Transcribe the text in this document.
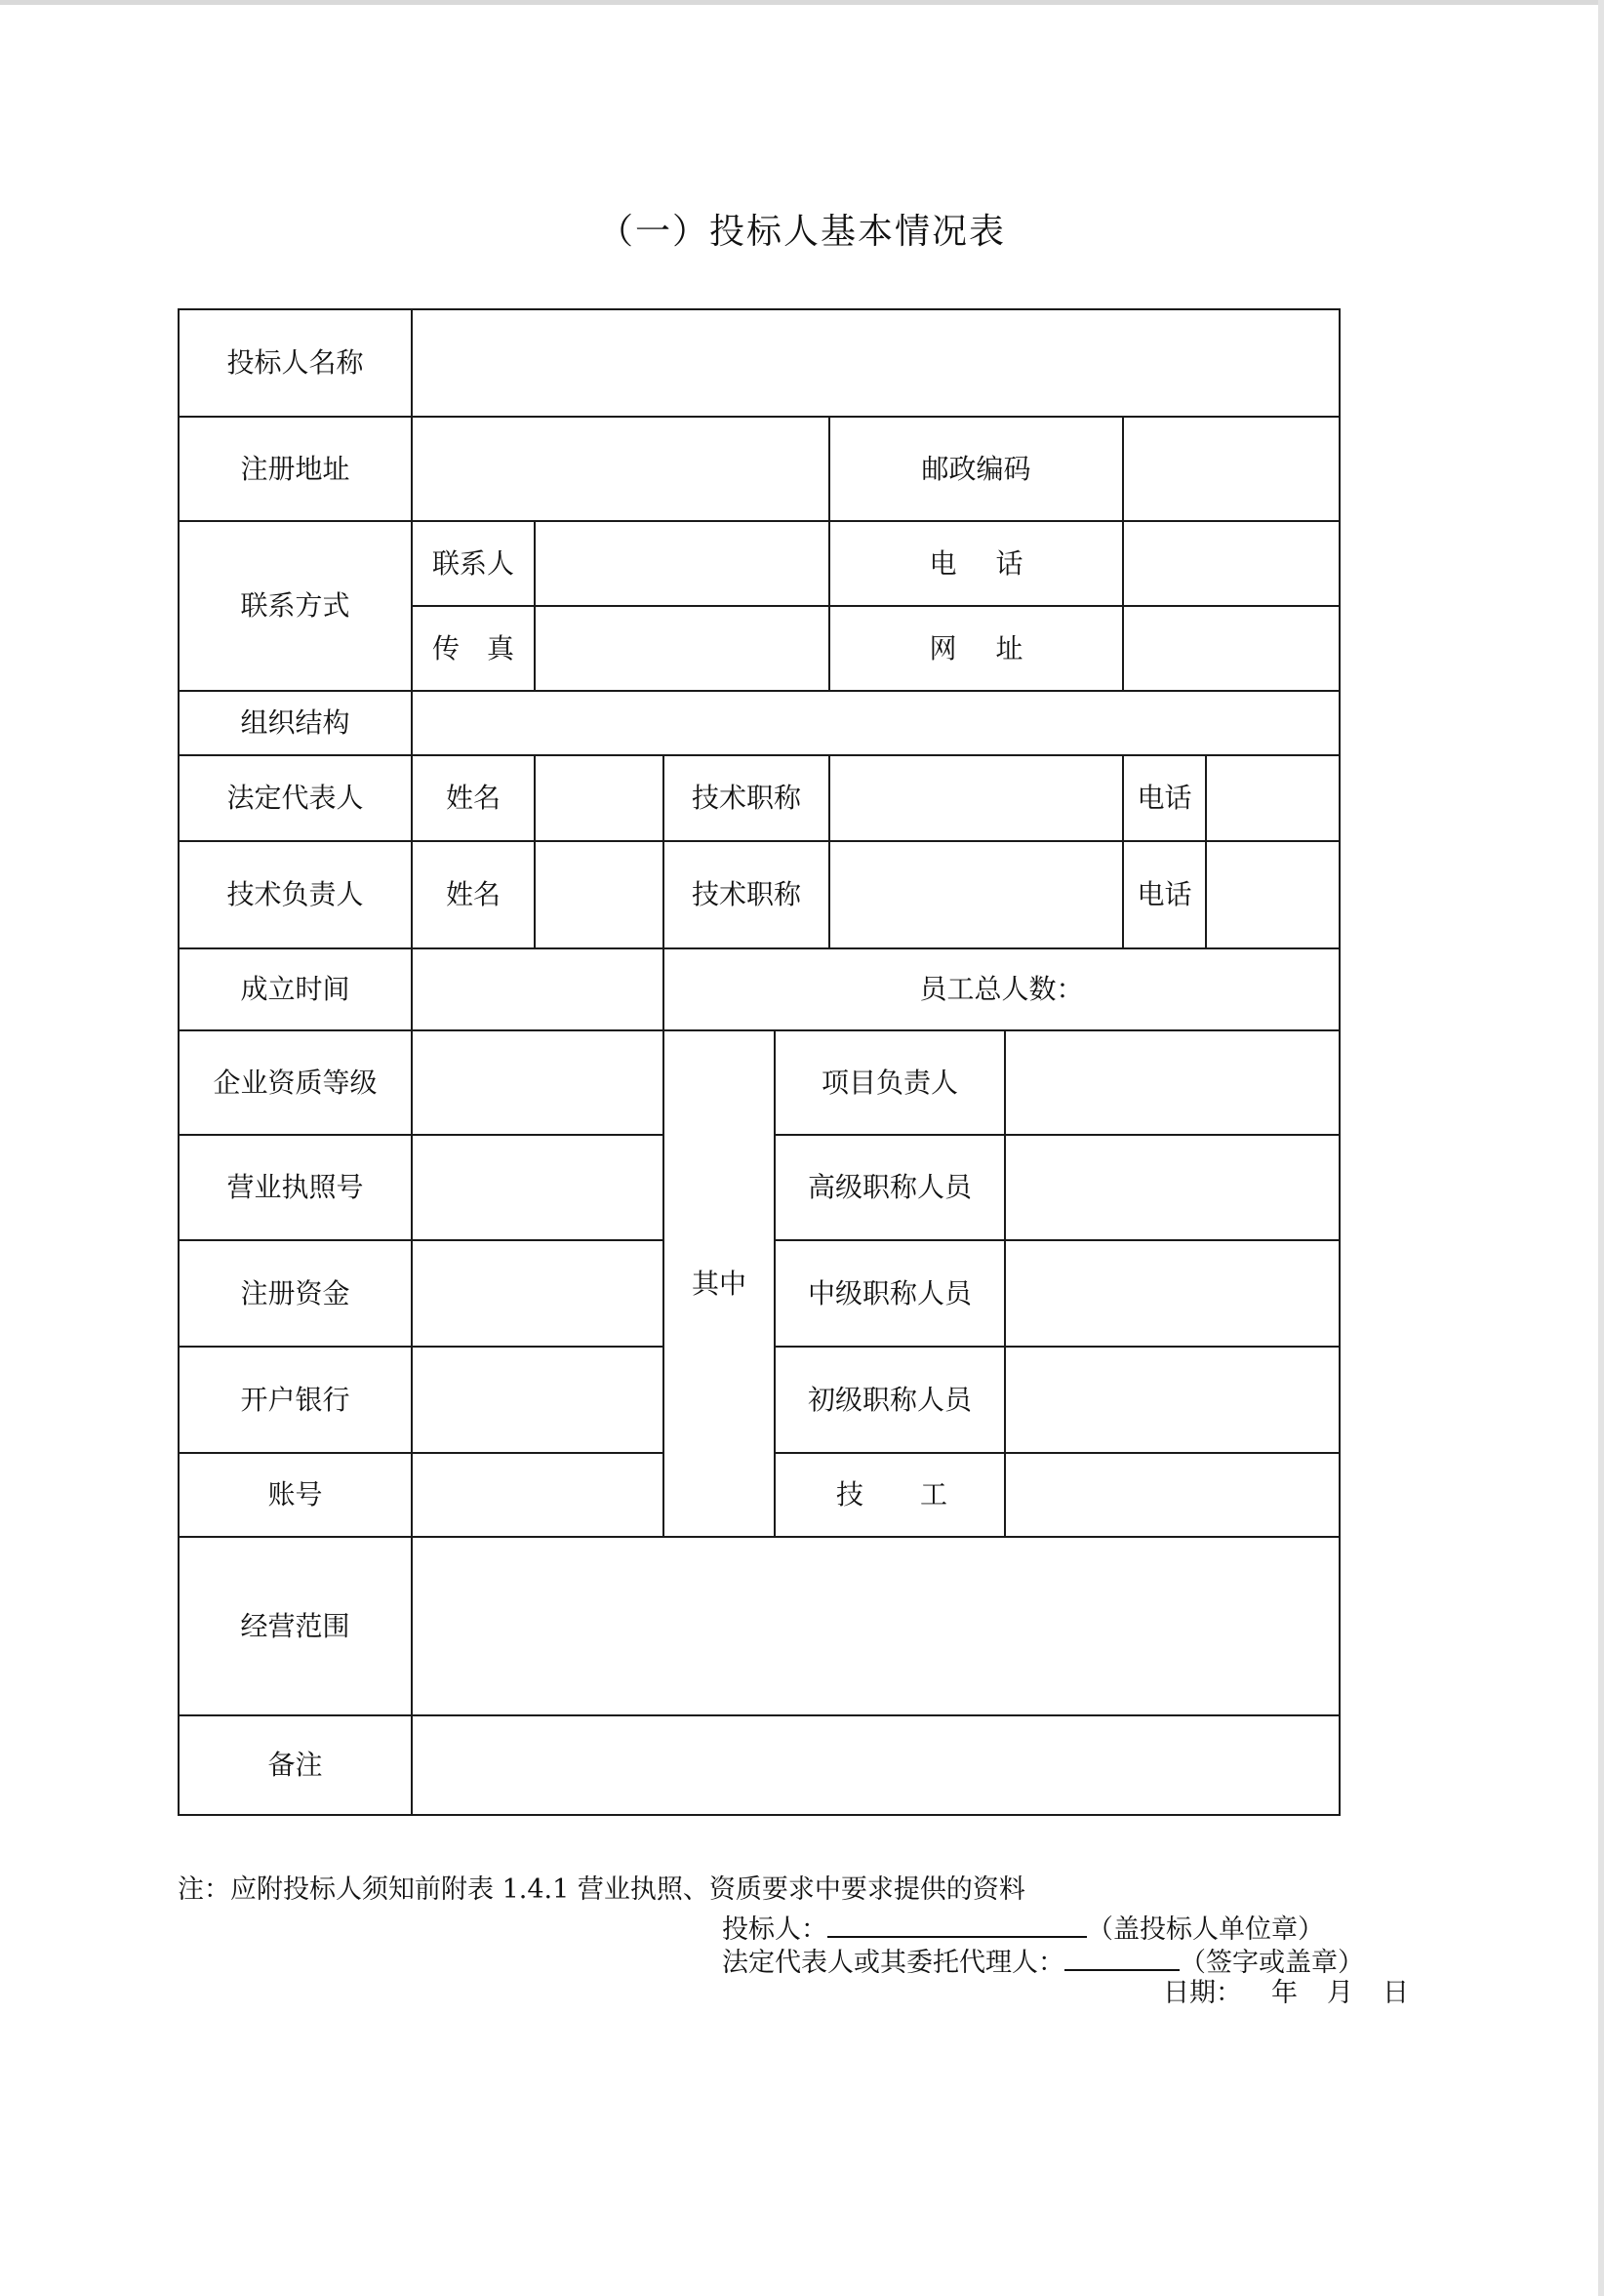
（一）投标人基本情况表
投标人名称								
注册地址					邮政编码			
联系方式	联系人				电 话			

	传 真				网 址			

组织结构								
法定代表人	姓名		技术职称				电话	
技术负责人	姓名		技术职称				电话	
成立时间			员工总人数：					
企业资质等级			其中	项目负责人				
营业执照号				高级职称人员				
注册资金				中级职称人员				
开户银行				初级职称人员				
账号				技 工				

经营范围								
备注								
注：应附投标人须知前附表 1.4.1 营业执照、资质要求中要求提供的资料
投标人：	（盖投标人单位章）
法定代表人或其委托代理人：	（签字或盖章）
日期： 年 月 日
